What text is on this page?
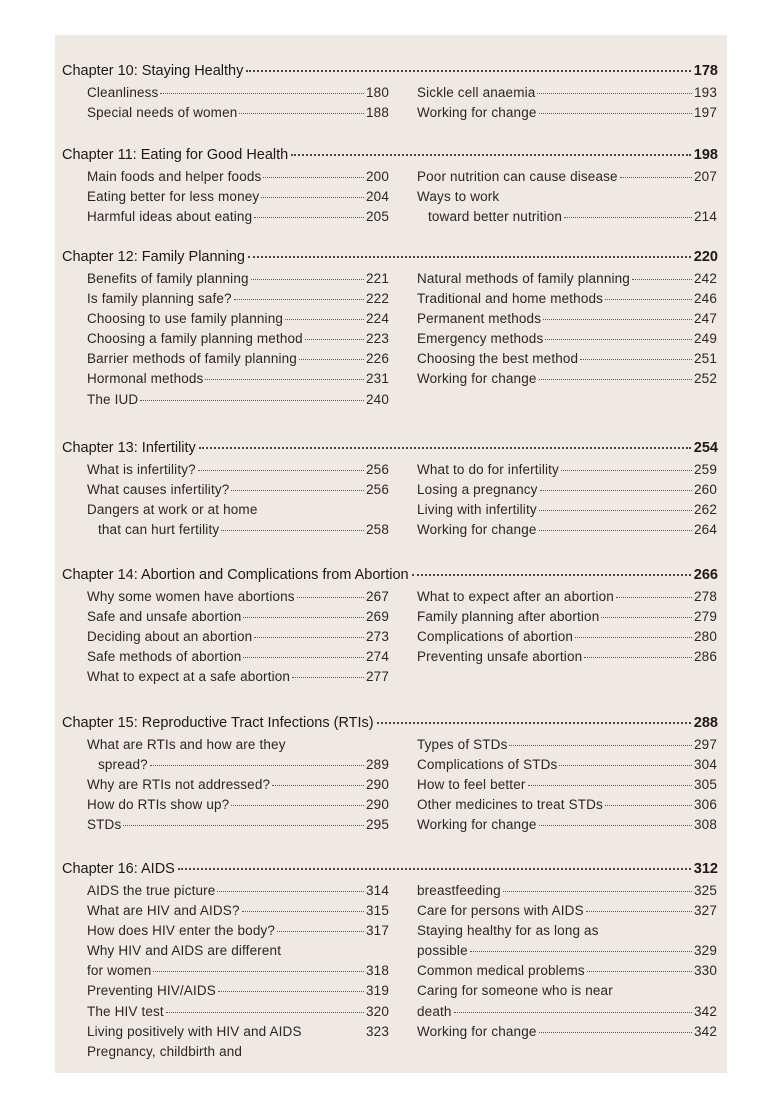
Chapter 10: Staying Healthy	178
Cleanliness	180
Special needs of women	188
Sickle cell anaemia	193
Working for change	197
Chapter 11: Eating for Good Health	198
Main foods and helper foods	200
Eating better for less money	204
Harmful ideas about eating	205
Poor nutrition can cause disease	207
Ways to work
toward better nutrition	214
Chapter 12: Family Planning	220
Benefits of family planning	221
Is family planning safe?	222
Choosing to use family planning	224
Choosing a family planning method	223
Barrier methods of family planning	226
Hormonal methods	231
The IUD	240
Natural methods of family planning	242
Traditional and home methods	246
Permanent methods	247
Emergency methods	249
Choosing the best method	251
Working for change	252
Chapter 13: Infertility	254
What is infertility?	256
What causes infertility?	256
Dangers at work or at home
that can hurt fertility	258
What to do for infertility	259
Losing a pregnancy	260
Living with infertility	262
Working for change	264
Chapter 14: Abortion and Complications from Abortion	266
Why some women have abortions	267
Safe and unsafe abortion	269
Deciding about an abortion	273
Safe methods of abortion	274
What to expect at a safe abortion	277
What to expect after an abortion	278
Family planning after abortion	279
Complications of abortion	280
Preventing unsafe abortion	286
Chapter 15: Reproductive Tract Infections (RTIs)	288
What are RTIs and how are they
spread?	289
Why are RTIs not addressed?	290
How do RTIs show up?	290
STDs	295
Types of STDs	297
Complications of STDs	304
How to feel better	305
Other medicines to treat STDs	306
Working for change	308
Chapter 16: AIDS	312
AIDS the true picture	314
What are HIV and AIDS?	315
How does HIV enter the body?	317
Why HIV and AIDS are different
for women	318
Preventing HIV/AIDS	319
The HIV test	320
Living positively with HIV and AIDS	323
Pregnancy, childbirth and
breastfeeding	325
Care for persons with AIDS	327
Staying healthy for as long as
possible	329
Common medical problems	330
Caring for someone who is near
death	342
Working for change	342
